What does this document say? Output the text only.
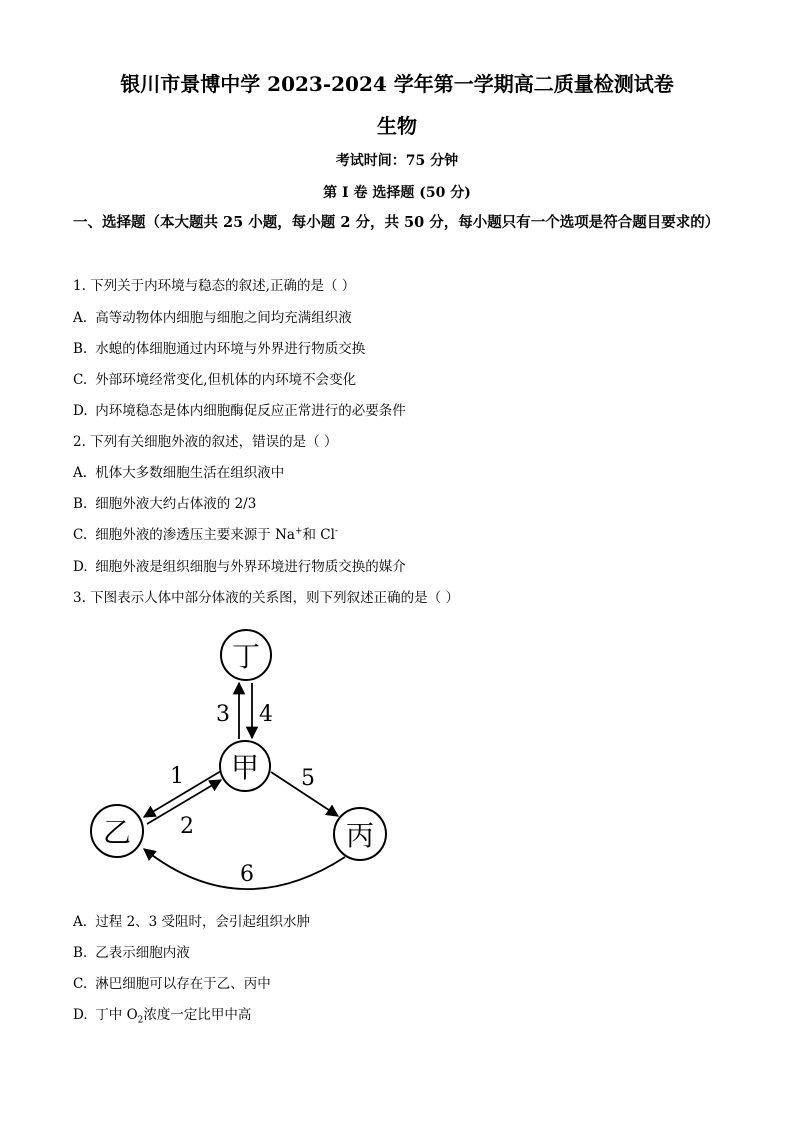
银川市景博中学 2023-2024 学年第一学期高二质量检测试卷
生物
考试时间：75 分钟
第 Ⅰ 卷 选择题 (50 分)
一、选择题（本大题共 25 小题，每小题 2 分，共 50 分，每小题只有一个选项是符合题目要求的）
1. 下列关于内环境与稳态的叙述,正确的是（ ）
A. 高等动物体内细胞与细胞之间均充满组织液
B. 水螅的体细胞通过内环境与外界进行物质交换
C. 外部环境经常变化,但机体的内环境不会变化
D. 内环境稳态是体内细胞酶促反应正常进行的必要条件
2. 下列有关细胞外液的叙述，错误的是（ ）
A. 机体大多数细胞生活在组织液中
B. 细胞外液大约占体液的 2/3
C. 细胞外液的渗透压主要来源于 Na+和 Cl-
D. 细胞外液是组织细胞与外界环境进行物质交换的媒介
3. 下图表示人体中部分体液的关系图，则下列叙述正确的是（ ）
丁
甲
乙	丙
3 4
1
2
5
6
A. 过程 2、3 受阻时，会引起组织水肿
B. 乙表示细胞内液
C. 淋巴细胞可以存在于乙、丙中
D. 丁中 $O_2$浓度一定比甲中高
